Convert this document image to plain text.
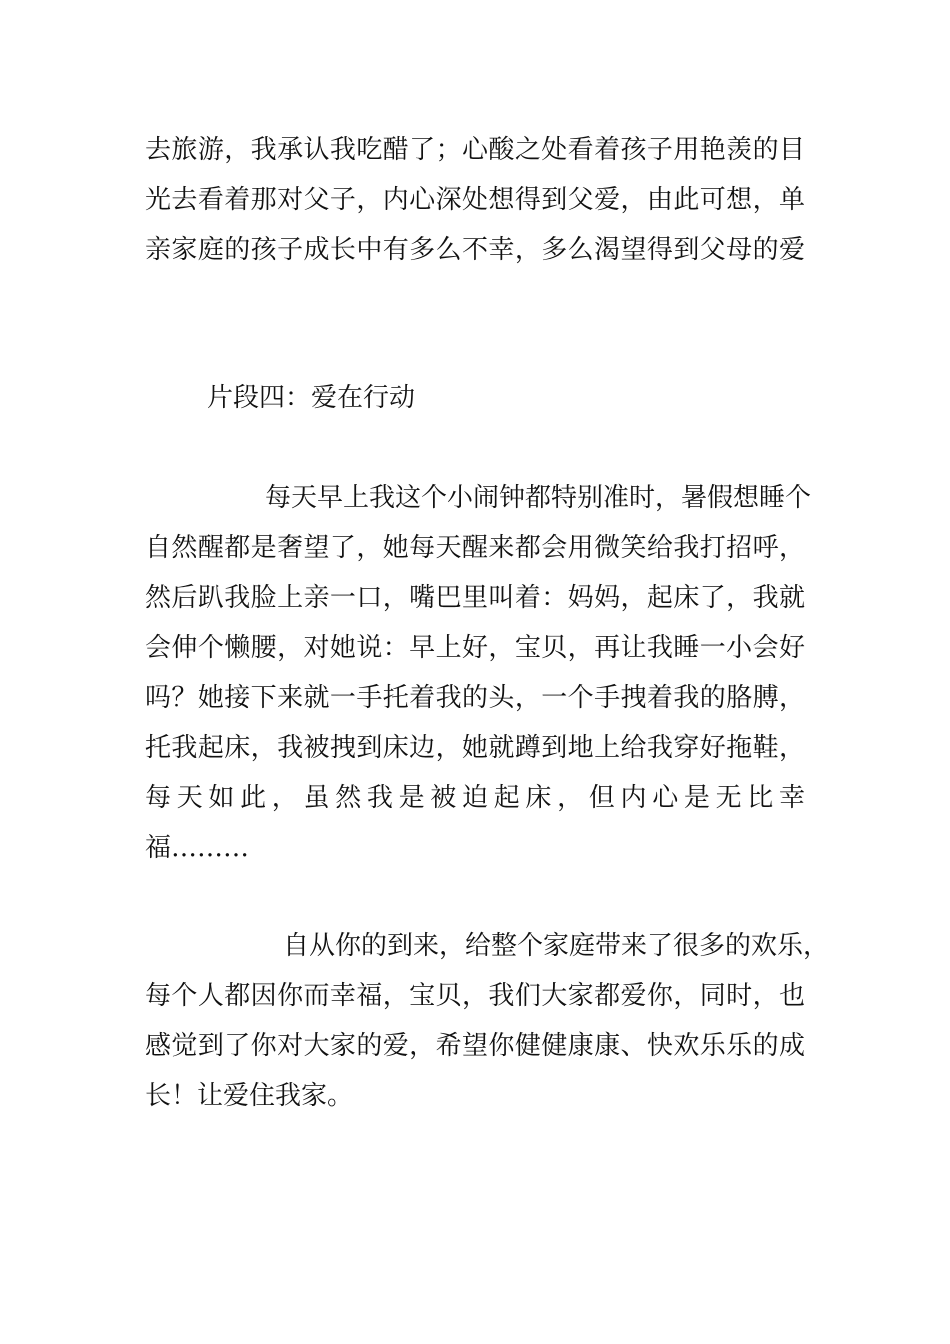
去旅游，我承认我吃醋了；心酸之处看着孩子用艳羡的目
光去看着那对父子，内心深处想得到父爱，由此可想，单
亲家庭的孩子成长中有多么不幸，多么渴望得到父母的爱
片段四：爱在行动
每天早上我这个小闹钟都特别准时，暑假想睡个
自然醒都是奢望了，她每天醒来都会用微笑给我打招呼，
然后趴我脸上亲一口，嘴巴里叫着：妈妈，起床了，我就
会伸个懒腰，对她说：早上好，宝贝，再让我睡一小会好
吗？她接下来就一手托着我的头，一个手拽着我的胳膊，
托我起床，我被拽到床边，她就蹲到地上给我穿好拖鞋，
每天如此，虽然我是被迫起床，但内心是无比幸
福………
自从你的到来，给整个家庭带来了很多的欢乐，
每个人都因你而幸福，宝贝，我们大家都爱你，同时，也
感觉到了你对大家的爱，希望你健健康康、快欢乐乐的成
长！让爱住我家。
